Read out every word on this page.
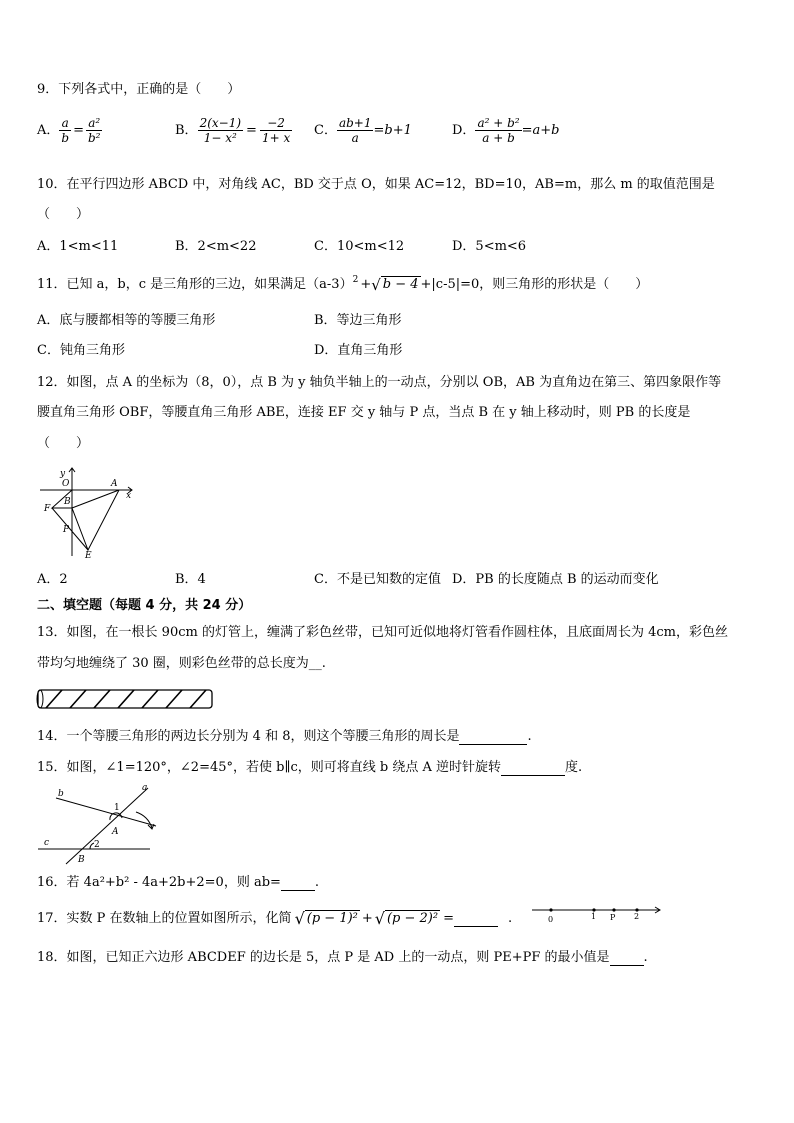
9．下列各式中，正确的是（　　）
A． $\frac{a}{b} = \frac{\text{a²}}{\text{b²}}$	B． $\frac{2(x-1)}{\text{1− x²}} = \frac{-2}{1+ x}$ C． $\frac{ab+1}{a} =b+1$	D． $\frac{\text{a² + b²}}{a + b} =a+b$
10．在平行四边形 ABCD 中，对角线 AC，BD 交于点 O，如果 AC=12，BD=10，AB=m，那么 m 的取值范围是
（　　）
A．1<m<11	B．2<m<22	C．10<m<12	D．5<m<6
11．已知 a，b，c 是三角形的三边，如果满足（a-3） 2 + √ b − 4 +|c-5|=0，则三角形的形状是（　　）
A．底与腰都相等的等腰三角形	B．等边三角形
C．钝角三角形	D．直角三角形
12．如图，点 A 的坐标为（8，0），点 B 为 y 轴负半轴上的一动点，分别以 OB，AB 为直角边在第三、第四象限作等
腰直角三角形 OBF，等腰直角三角形 ABE，连接 EF 交 y 轴与 P 点，当点 B 在 y 轴上移动时，则 PB 的长度是
（　　）
y
O	A
x
F
B
P
E
A．2	B．4	C．不是已知数的定值 D．PB 的长度随点 B 的运动而变化
二、填空题（每题 4 分，共 24 分）
13．如图，在一根长 90cm 的灯管上，缠满了彩色丝带，已知可近似地将灯管看作圆柱体，且底面周长为 4cm，彩色丝
带均匀地缠绕了 30 圈，则彩色丝带的总长度为__.
14．一个等腰三角形的两边长分别为 4 和 8，则这个等腰三角形的周长是	.
15．如图，∠1=120°，∠2=45°，若使 b∥c，则可将直线 b 绕点 A 逆时针旋转	度.
b
a
1
A
c	2
B
16．若 4a²+b² - 4a+2b+2=0，则 ab=	.
17．实数 P 在数轴上的位置如图所示，化简 √ (p − 1)² + √ (p − 2)² =	.	0	1 P 2
18．如图，已知正六边形 ABCDEF 的边长是 5，点 P 是 AD 上的一动点，则 PE+PF 的最小值是	.
